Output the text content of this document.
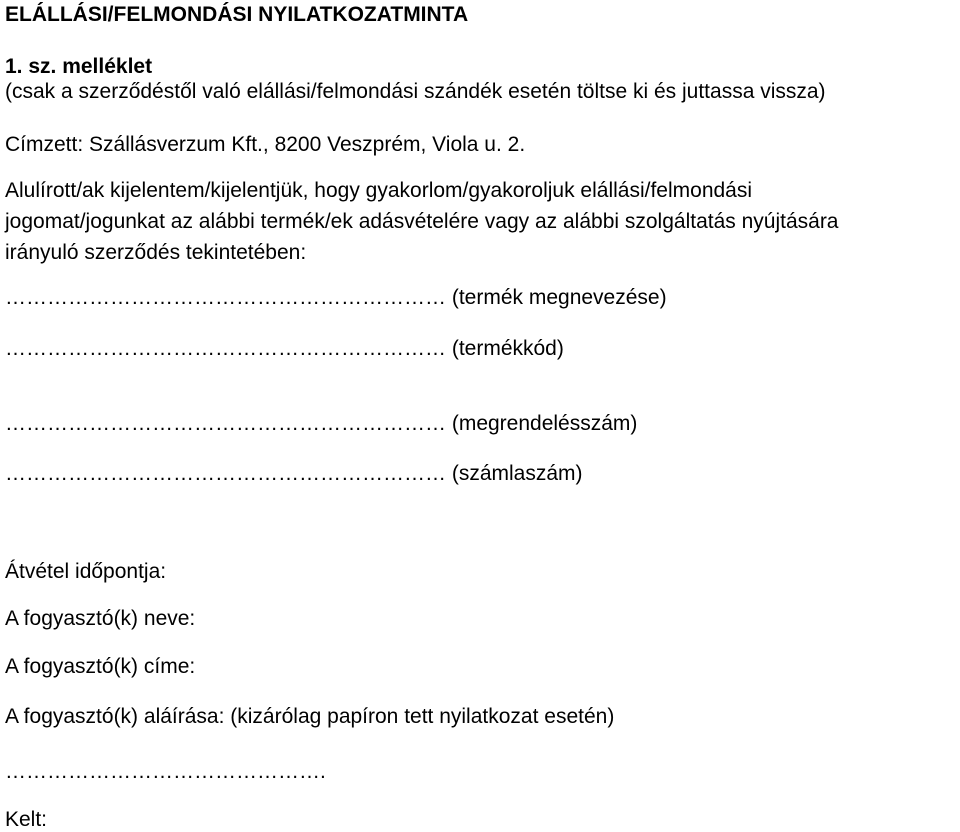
ELÁLLÁSI/FELMONDÁSI NYILATKOZATMINTA
1. sz. melléklet
(csak a szerződéstől való elállási/felmondási szándék esetén töltse ki és juttassa vissza)
Címzett: Szállásverzum Kft., 8200 Veszprém, Viola u. 2.
Alulírott/ak kijelentem/kijelentjük, hogy gyakorlom/gyakoroljuk elállási/felmondási
jogomat/jogunkat az alábbi termék/ek adásvételére vagy az alábbi szolgáltatás nyújtására
irányuló szerződés tekintetében:
……………………………………………………… (termék megnevezése)
……………………………………………………… (termékkód)
……………………………………………………… (megrendelésszám)
……………………………………………………… (számlaszám)
Átvétel időpontja:
A fogyasztó(k) neve:
A fogyasztó(k) címe:
A fogyasztó(k) aláírása: (kizárólag papíron tett nyilatkozat esetén)
……………………………………….
Kelt:
